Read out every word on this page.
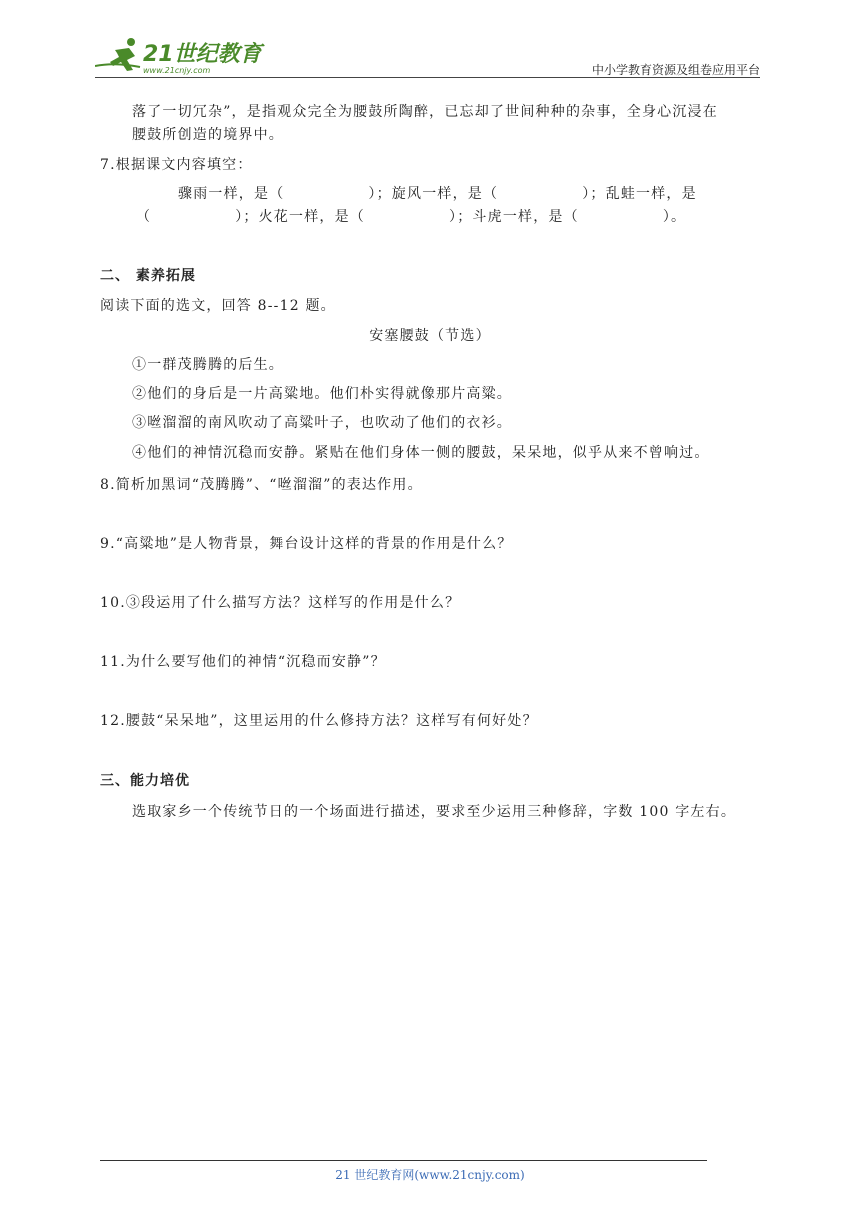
21世纪教育
www.21cnjy.com	中小学教育资源及组卷应用平台
落了一切冗杂”，是指观众完全为腰鼓所陶醉，已忘却了世间种种的杂事，全身心沉浸在
腰鼓所创造的境界中。
7.根据课文内容填空：
骤雨一样，是（	）；旋风一样，是（	）；乱蛙一样，是
（	）；火花一样，是（	）；斗虎一样，是（	）。
二、 素养拓展
阅读下面的选文，回答 8--12 题。
安塞腰鼓（节选）
①一群茂腾腾的后生。
②他们的身后是一片高粱地。他们朴实得就像那片高粱。
③咝溜溜的南风吹动了高粱叶子，也吹动了他们的衣衫。
④他们的神情沉稳而安静。紧贴在他们身体一侧的腰鼓，呆呆地，似乎从来不曾响过。
8.简析加黑词“茂腾腾”、“咝溜溜”的表达作用。
9.“高粱地”是人物背景，舞台设计这样的背景的作用是什么？
10.③段运用了什么描写方法？这样写的作用是什么？
11.为什么要写他们的神情“沉稳而安静”？
12.腰鼓“呆呆地”，这里运用的什么修持方法？这样写有何好处？
三、能力培优
选取家乡一个传统节日的一个场面进行描述，要求至少运用三种修辞，字数 100 字左右。
21 世纪教育网(www.21cnjy.com)
